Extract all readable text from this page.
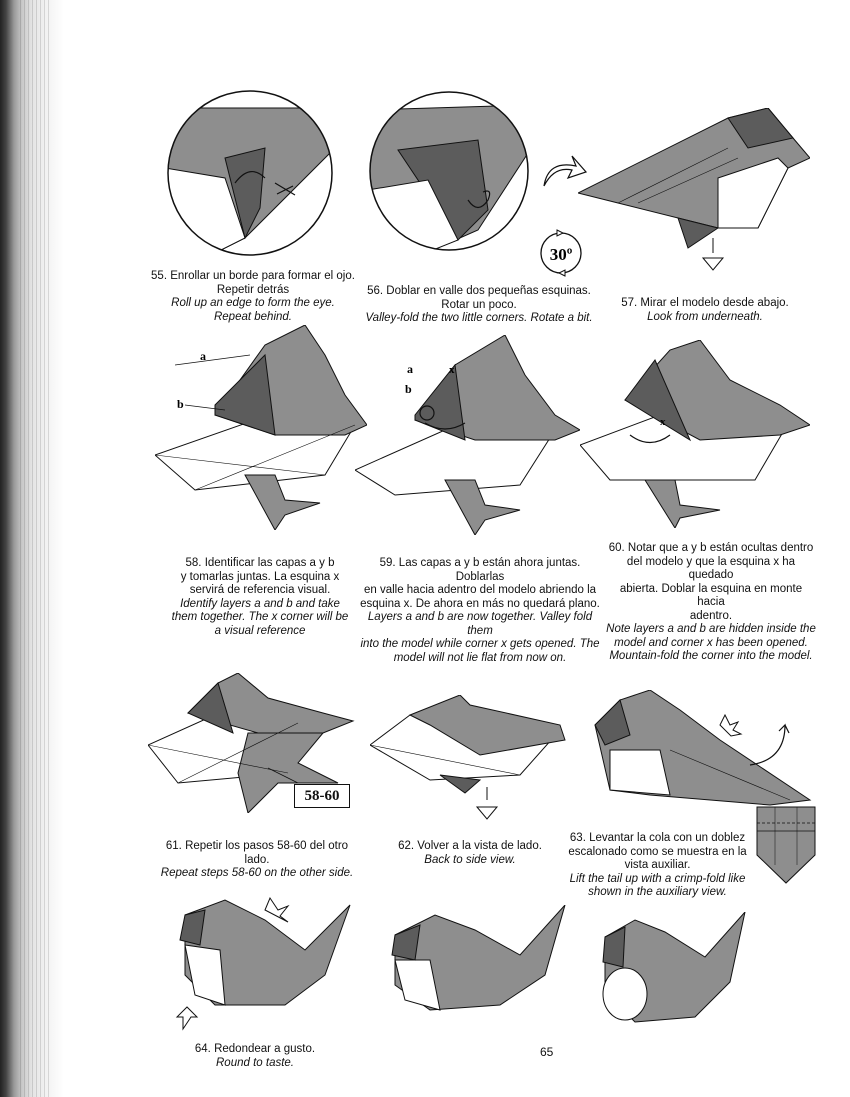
30º
55. Enrollar un borde para formar el ojo.
Repetir detrás
Roll up an edge to form the eye.
Repeat behind.
56. Doblar en valle dos pequeñas esquinas.
Rotar un poco.
Valley-fold the two little corners. Rotate a bit.
57. Mirar el modelo desde abajo.
Look from underneath.
a
b
a
b
x
x
58. Identificar las capas a y b
y tomarlas juntas. La esquina x
servirá de referencia visual.
Identify layers a and b and take
them together. The x corner will be
a visual reference
59. Las capas a y b están ahora juntas. Doblarlas
en valle hacia adentro del modelo abriendo la
esquina x. De ahora en más no quedará plano.
Layers a and b are now together. Valley fold them
into the model while corner x gets opened. The
model will not lie flat from now on.
60. Notar que a y b están ocultas dentro
del modelo y que la esquina x ha quedado
abierta. Doblar la esquina en monte hacia
adentro.
Note layers a and b are hidden inside the
model and corner x has been opened.
Mountain-fold the corner into the model.
58-60
61. Repetir los pasos 58-60 del otro lado.
Repeat steps 58-60 on the other side.
62. Volver a la vista de lado.
Back to side view.
63. Levantar la cola con un doblez
escalonado como se muestra en la
vista auxiliar.
Lift the tail up with a crimp-fold like
shown in the auxiliary view.
64. Redondear a gusto.
Round to taste.
65
